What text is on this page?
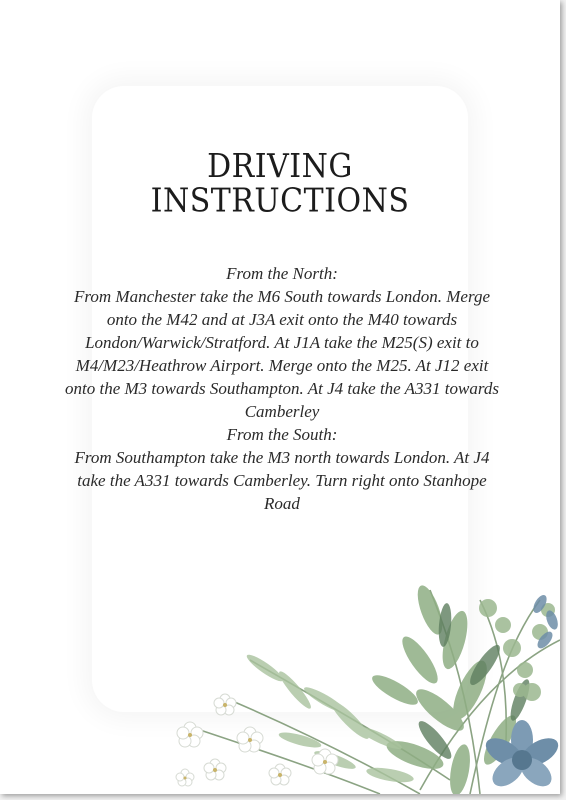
DRIVING
INSTRUCTIONS

From the North:

From Manchester take the M6 South towards London. Merge onto the M42 and at J3A exit onto the M40 towards London/Warwick/Stratford. At J1A take the M25(S) exit to M4/M23/Heathrow Airport. Merge onto the M25. At J12 exit onto the M3 towards Southampton. At J4 take the A331 towards Camberley

From the South:

From Southampton take the M3 north towards London. At J4 take the A331 towards Camberley. Turn right onto Stanhope Road
